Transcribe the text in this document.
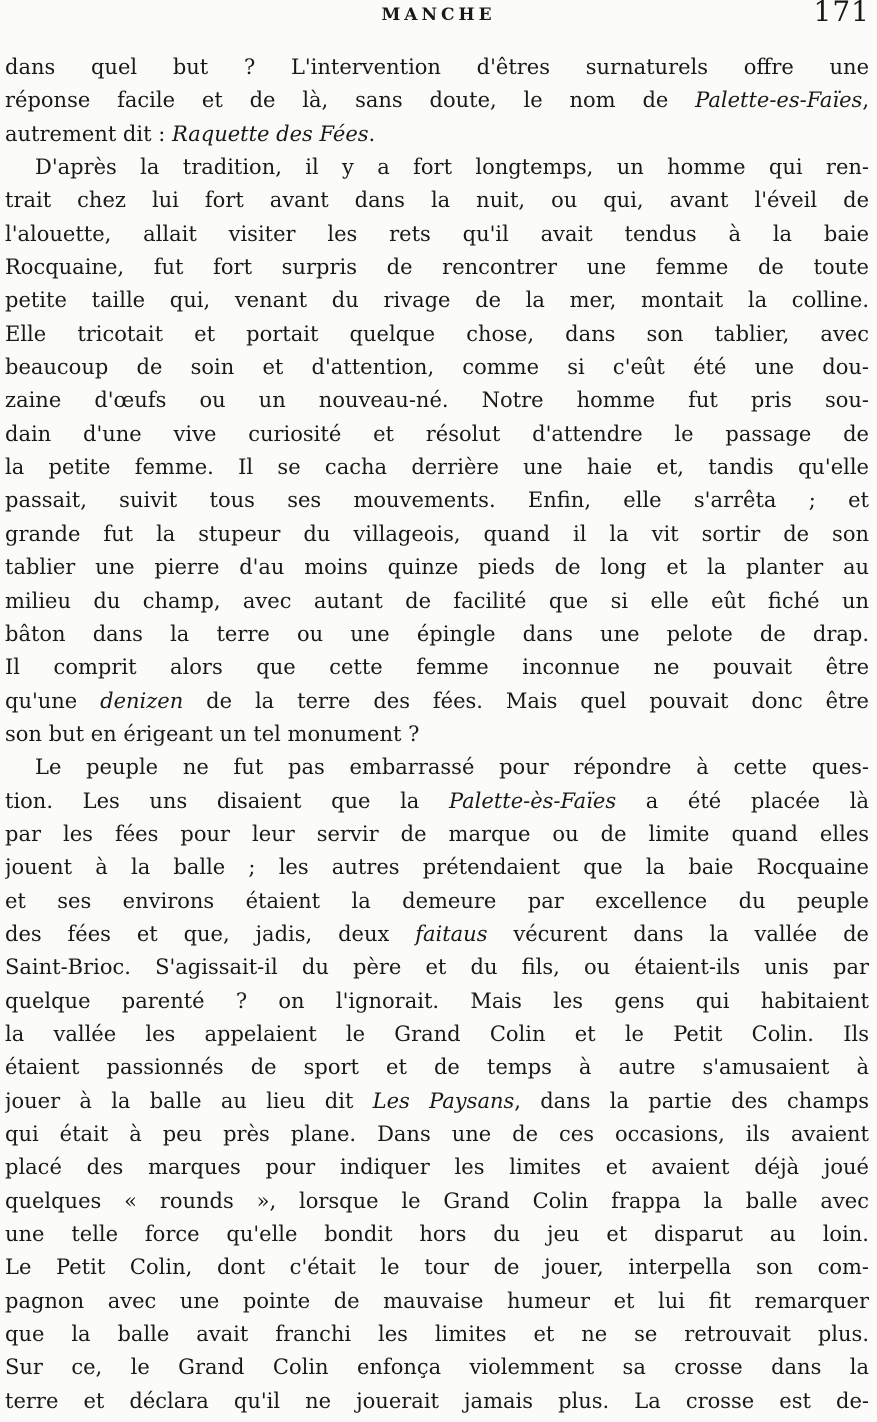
MANCHE	171
dans quel but ? L'intervention d'êtres surnaturels offre une
réponse facile et de là, sans doute, le nom de Palette-es-Faïes,
autrement dit : Raquette des Fées.
D'après la tradition, il y a fort longtemps, un homme qui ren-
trait chez lui fort avant dans la nuit, ou qui, avant l'éveil de
l'alouette, allait visiter les rets qu'il avait tendus à la baie
Rocquaine, fut fort surpris de rencontrer une femme de toute
petite taille qui, venant du rivage de la mer, montait la colline.
Elle tricotait et portait quelque chose, dans son tablier, avec
beaucoup de soin et d'attention, comme si c'eût été une dou-
zaine d'œufs ou un nouveau-né. Notre homme fut pris sou-
dain d'une vive curiosité et résolut d'attendre le passage de
la petite femme. Il se cacha derrière une haie et, tandis qu'elle
passait, suivit tous ses mouvements. Enfin, elle s'arrêta ; et
grande fut la stupeur du villageois, quand il la vit sortir de son
tablier une pierre d'au moins quinze pieds de long et la planter au
milieu du champ, avec autant de facilité que si elle eût fiché un
bâton dans la terre ou une épingle dans une pelote de drap.
Il comprit alors que cette femme inconnue ne pouvait être
qu'une denizen de la terre des fées. Mais quel pouvait donc être
son but en érigeant un tel monument ?
Le peuple ne fut pas embarrassé pour répondre à cette ques-
tion. Les uns disaient que la Palette-ès-Faïes a été placée là
par les fées pour leur servir de marque ou de limite quand elles
jouent à la balle ; les autres prétendaient que la baie Rocquaine
et ses environs étaient la demeure par excellence du peuple
des fées et que, jadis, deux faitaus vécurent dans la vallée de
Saint-Brioc. S'agissait-il du père et du fils, ou étaient-ils unis par
quelque parenté ? on l'ignorait. Mais les gens qui habitaient
la vallée les appelaient le Grand Colin et le Petit Colin. Ils
étaient passionnés de sport et de temps à autre s'amusaient à
jouer à la balle au lieu dit Les Paysans, dans la partie des champs
qui était à peu près plane. Dans une de ces occasions, ils avaient
placé des marques pour indiquer les limites et avaient déjà joué
quelques « rounds », lorsque le Grand Colin frappa la balle avec
une telle force qu'elle bondit hors du jeu et disparut au loin.
Le Petit Colin, dont c'était le tour de jouer, interpella son com-
pagnon avec une pointe de mauvaise humeur et lui fit remarquer
que la balle avait franchi les limites et ne se retrouvait plus.
Sur ce, le Grand Colin enfonça violemment sa crosse dans la
terre et déclara qu'il ne jouerait jamais plus. La crosse est de-
